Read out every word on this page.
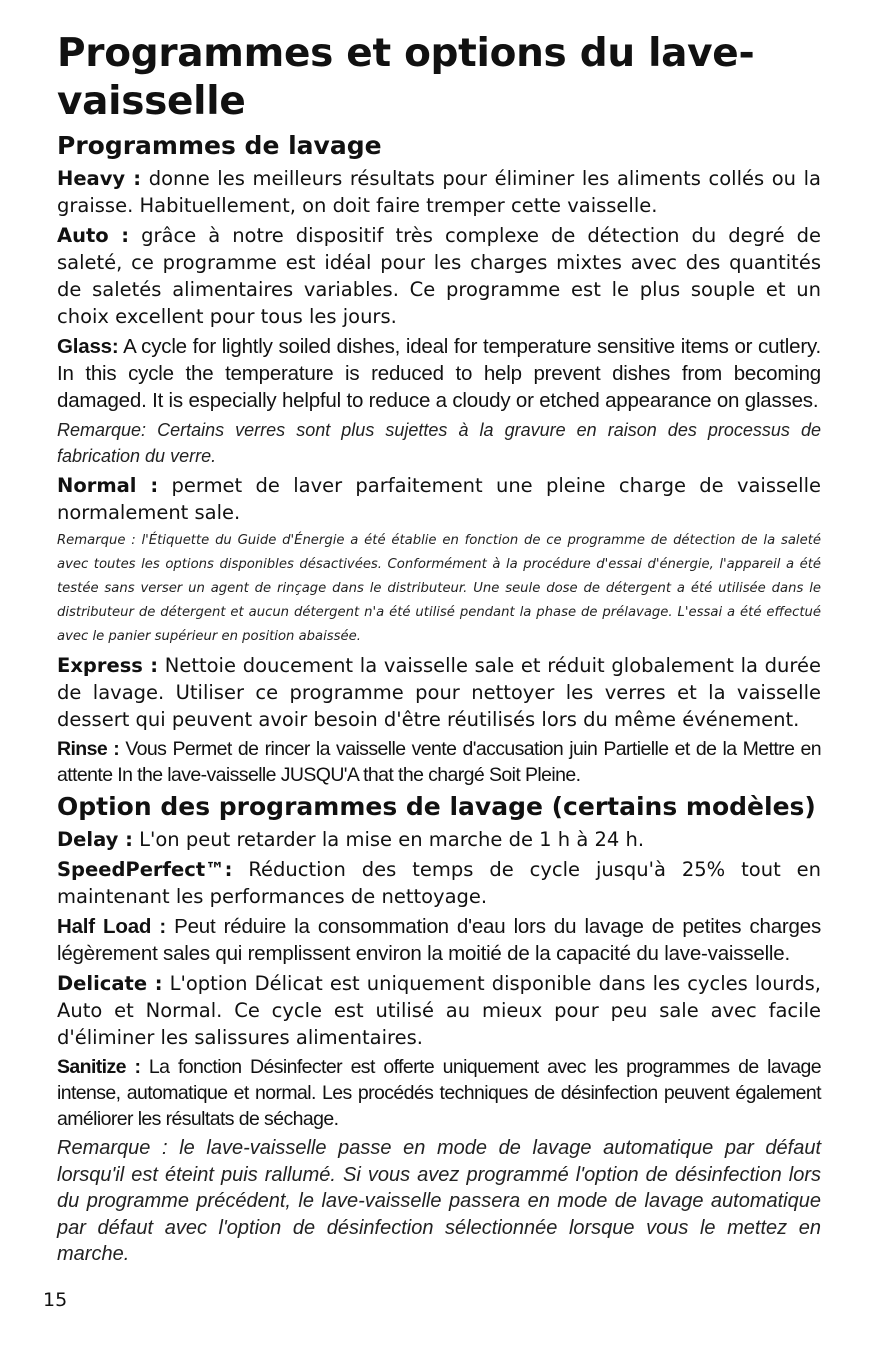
Programmes et options du lave-vaisselle
Programmes de lavage

Heavy : donne les meilleurs résultats pour éliminer les aliments collés ou la graisse. Habituellement, on doit faire tremper cette vaisselle.

Auto : grâce à notre dispositif très complexe de détection du degré de saleté, ce programme est idéal pour les charges mixtes avec des quantités de saletés alimentaires variables. Ce programme est le plus souple et un choix excellent pour tous les jours.

Glass: A cycle for lightly soiled dishes, ideal for temperature sensitive items or cutlery. In this cycle the temperature is reduced to help prevent dishes from becoming damaged. It is especially helpful to reduce a cloudy or etched appearance on glasses.

Remarque: Certains verres sont plus sujettes à la gravure en raison des processus de fabrication du verre.

Normal : permet de laver parfaitement une pleine charge de vaisselle normalement sale.

Remarque : l'Étiquette du Guide d'Énergie a été établie en fonction de ce programme de détection de la saleté avec toutes les options disponibles désactivées. Conformément à la procédure d'essai d'énergie, l'appareil a été testée sans verser un agent de rinçage dans le distributeur. Une seule dose de détergent a été utilisée dans le distributeur de détergent et aucun détergent n'a été utilisé pendant la phase de prélavage. L'essai a été effectué avec le panier supérieur en position abaissée.

Express : Nettoie doucement la vaisselle sale et réduit globalement la durée de lavage. Utiliser ce programme pour nettoyer les verres et la vaisselle dessert qui peuvent avoir besoin d'être réutilisés lors du même événement.

Rinse : Vous Permet de rincer la vaisselle vente d'accusation juin Partielle et de la Mettre en attente In the lave-vaisselle JUSQU'A that the chargé Soit Pleine.

Option des programmes de lavage (certains modèles)

Delay : L'on peut retarder la mise en marche de 1 h à 24 h.

SpeedPerfect™: Réduction des temps de cycle jusqu'à 25% tout en maintenant les performances de nettoyage.

Half Load : Peut réduire la consommation d'eau lors du lavage de petites charges légèrement sales qui remplissent environ la moitié de la capacité du lave-vaisselle.

Delicate : L'option Délicat est uniquement disponible dans les cycles lourds, Auto et Normal. Ce cycle est utilisé au mieux pour peu sale avec facile d'éliminer les salissures alimentaires.

Sanitize : La fonction Désinfecter est offerte uniquement avec les programmes de lavage intense, automatique et normal. Les procédés techniques de désinfection peuvent également améliorer les résultats de séchage.

Remarque : le lave-vaisselle passe en mode de lavage automatique par défaut lorsqu'il est éteint puis rallumé. Si vous avez programmé l'option de désinfection lors du programme précédent, le lave-vaisselle passera en mode de lavage automatique par défaut avec l'option de désinfection sélectionnée lorsque vous le mettez en marche.

15
